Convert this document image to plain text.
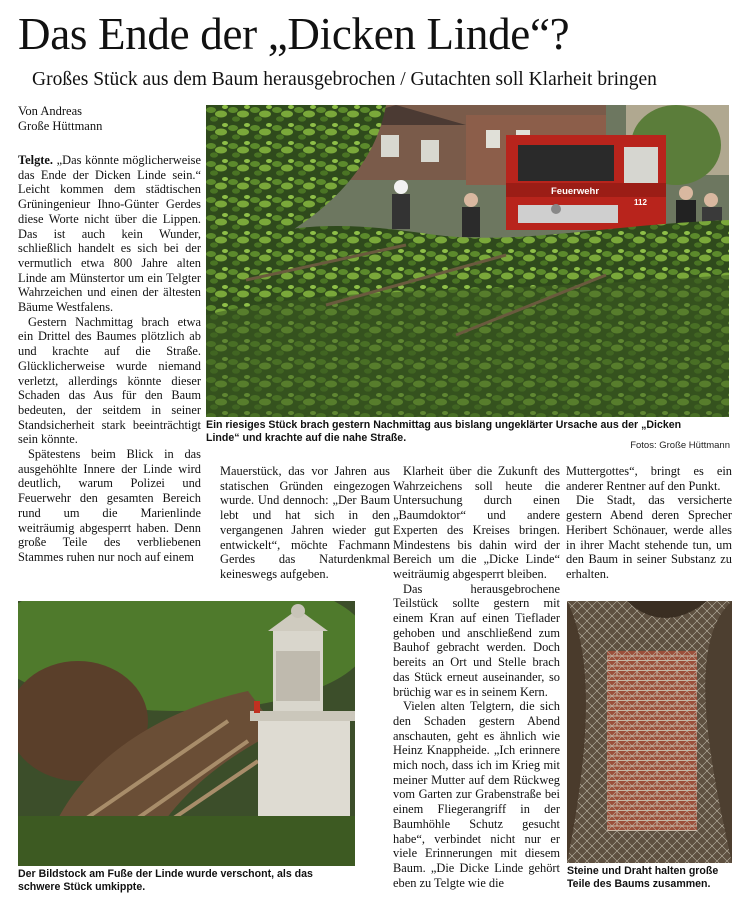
Das Ende der „Dicken Linde“?
Großes Stück aus dem Baum herausgebrochen / Gutachten soll Klarheit bringen
Von Andreas
Große Hüttmann

Telgte. „Das könnte möglicherweise das Ende der Dicken Linde sein.“ Leicht kommen dem städtischen Grüningenieur Ihno-Günter Gerdes diese Worte nicht über die Lippen. Das ist auch kein Wunder, schließlich handelt es sich bei der vermutlich etwa 800 Jahre alten Linde am Münstertor um ein Telgter Wahrzeichen und einen der ältesten Bäume Westfalens.

Gestern Nachmittag brach etwa ein Drittel des Baumes plötzlich ab und krachte auf die Straße. Glücklicherweise wurde niemand verletzt, allerdings könnte dieser Schaden das Aus für den Baum bedeuten, der seitdem in seiner Standsicherheit stark beeinträchtigt sein könnte.

Spätestens beim Blick in das ausgehöhlte Innere der Linde wird deutlich, warum Polizei und Feuerwehr den gesamten Bereich rund um die Marienlinde weiträumig abgesperrt haben. Denn große Teile des verbliebenen Stammes ruhen nur noch auf einem

Feuerwehr
112
Ein riesiges Stück brach gestern Nachmittag aus bislang ungeklärter Ursache aus der „Dicken Linde“ und krachte auf die nahe Straße.
Fotos: Große Hüttmann

Mauerstück, das vor Jahren aus statischen Gründen eingezogen wurde. Und dennoch: „Der Baum lebt und hat sich in den vergangenen Jahren wieder gut entwickelt“, möchte Fachmann Gerdes das Naturdenkmal keineswegs aufgeben.

Klarheit über die Zukunft des Wahrzeichens soll heute die Untersuchung durch einen „Baumdoktor“ und andere Experten des Kreises bringen. Mindestens bis dahin wird der Bereich um die „Dicke Linde“ weiträumig abgesperrt bleiben.

Das herausgebrochene Teilstück sollte gestern mit einem Kran auf einen Tieflader gehoben und anschließend zum Bauhof gebracht werden. Doch bereits an Ort und Stelle brach das Stück erneut auseinander, so brüchig war es in seinem Kern.

Vielen alten Telgtern, die sich den Schaden gestern Abend anschauten, geht es ähnlich wie Heinz Knappheide. „Ich erinnere mich noch, dass ich im Krieg mit meiner Mutter auf dem Rückweg vom Garten zur Grabenstraße bei einem Fliegerangriff in der Baumhöhle Schutz gesucht habe“, verbindet nicht nur er viele Erinnerungen mit diesem Baum. „Die Dicke Linde gehört eben zu Telgte wie die

Muttergottes“, bringt es ein anderer Rentner auf den Punkt.

Die Stadt, das versicherte gestern Abend deren Sprecher Heribert Schönauer, werde alles in ihrer Macht stehende tun, um den Baum in seiner Substanz zu erhalten.

Der Bildstock am Fuße der Linde wurde verschont, als das schwere Stück umkippte.
Steine und Draht halten große Teile des Baums zusammen.
